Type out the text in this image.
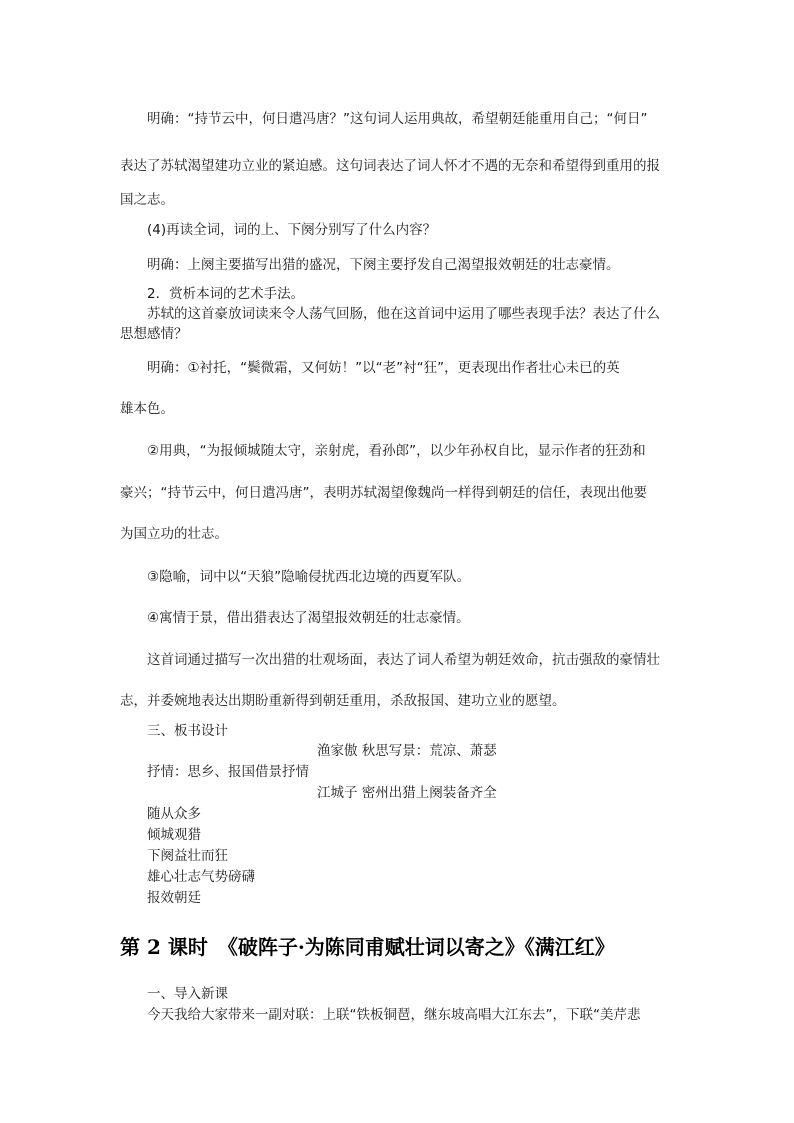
明确：“持节云中，何日遣冯唐？”这句词人运用典故，希望朝廷能重用自己；“何日”
表达了苏轼渴望建功立业的紧迫感。这句词表达了词人怀才不遇的无奈和希望得到重用的报
国之志。
(4)再读全词，词的上、下阕分别写了什么内容？
明确：上阕主要描写出猎的盛况，下阕主要抒发自己渴望报效朝廷的壮志豪情。
2．赏析本词的艺术手法。
苏轼的这首豪放词读来令人荡气回肠，他在这首词中运用了哪些表现手法？表达了什么
思想感情？
明确：①衬托，“鬓微霜，又何妨！”以“老”衬“狂”，更表现出作者壮心未已的英
雄本色。
②用典，“为报倾城随太守，亲射虎，看孙郎”，以少年孙权自比，显示作者的狂劲和
豪兴；“持节云中，何日遣冯唐”，表明苏轼渴望像魏尚一样得到朝廷的信任，表现出他要
为国立功的壮志。
③隐喻，词中以“天狼”隐喻侵扰西北边境的西夏军队。
④寓情于景，借出猎表达了渴望报效朝廷的壮志豪情。
这首词通过描写一次出猎的壮观场面，表达了词人希望为朝廷效命，抗击强敌的豪情壮
志，并委婉地表达出期盼重新得到朝廷重用，杀敌报国、建功立业的愿望。
三、板书设计
渔家傲 秋思写景：荒凉、萧瑟
抒情：思乡、报国借景抒情
江城子 密州出猎上阕装备齐全
随从众多
倾城观猎
下阕益壮而狂
雄心壮志气势磅礴
报效朝廷
第 2 课时　《破阵子·为陈同甫赋壮词以寄之》《满江红》
一、导入新课
今天我给大家带来一副对联：上联“铁板铜琶，继东坡高唱大江东去”，下联“美芹悲
